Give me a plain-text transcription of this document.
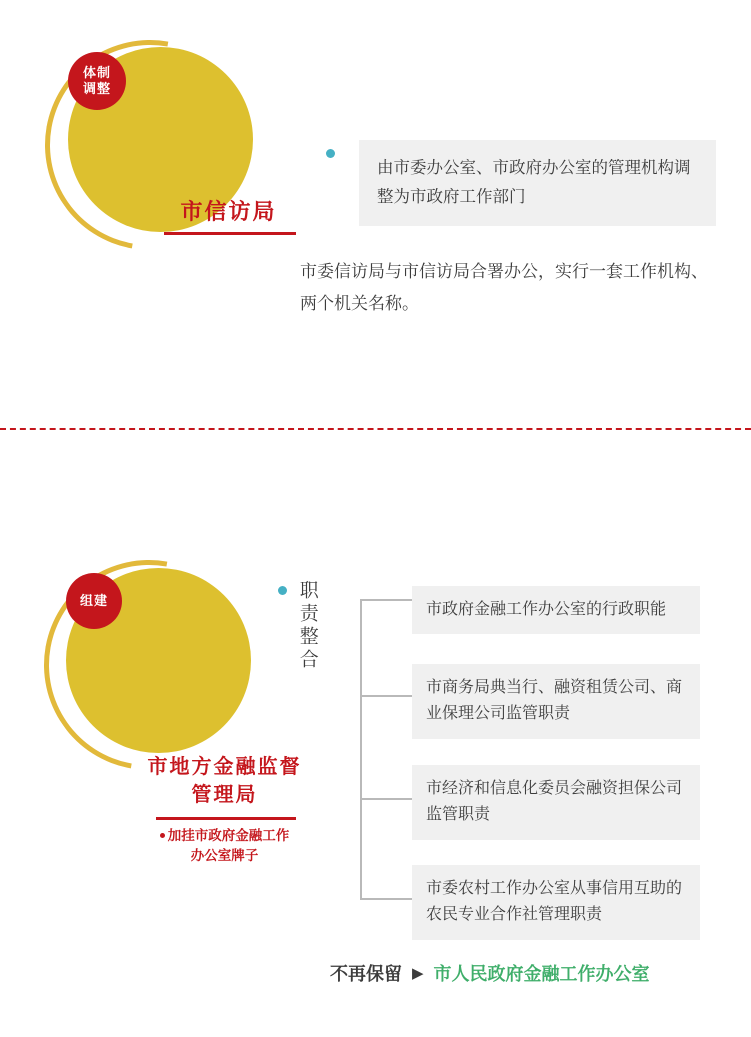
市信访局
体制
调整
由市委办公室、市政府办公室的管理机构调整为市政府工作部门
市委信访局与市信访局合署办公，实行一套工作机构、两个机关名称。
市地方金融监督
管理局
加挂市政府金融工作
办公室牌子
组建	职责整合	市政府金融工作办公室的行政职能
市商务局典当行、融资租赁公司、商业保理公司监管职责
市经济和信息化委员会融资担保公司监管职责
市委农村工作办公室从事信用互助的农民专业合作社管理职责
不再保留 ▶ 市人民政府金融工作办公室
